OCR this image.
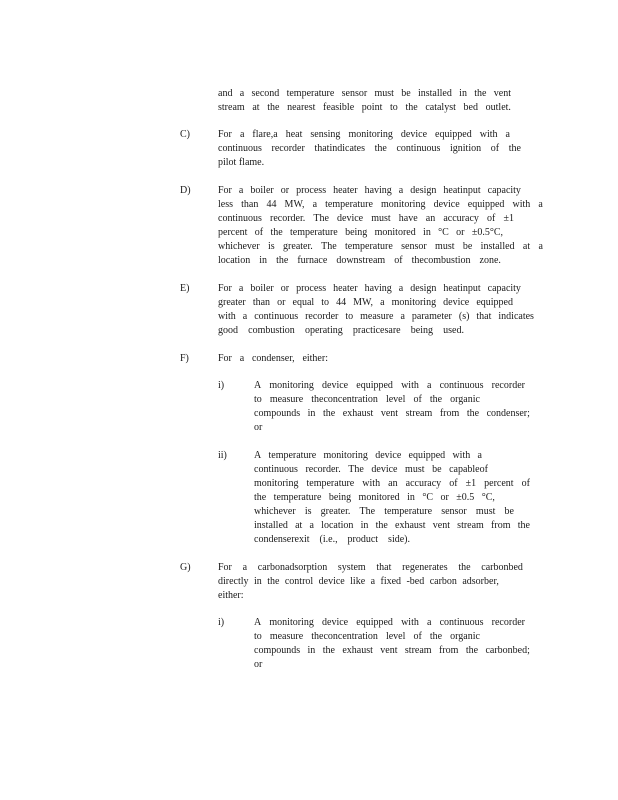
and a second temperature sensor must be installed in the vent
stream at the nearest feasible point to the catalyst bed outlet.
C)	For a flare,a heat sensing monitoring device equipped with a
continuous recorder thatindicates the continuous ignition of the
pilot flame.
D)	For a boiler or process heater having a design heatinput capacity
less than 44 MW, a temperature monitoring device equipped with a
continuous recorder. The device must have an accuracy of ±1
percent of the temperature being monitored in °C or ±0.5°C,
whichever is greater. The temperature sensor must be installed at a
location in the furnace downstream of thecombustion zone.
E)	For a boiler or process heater having a design heatinput capacity
greater than or equal to 44 MW, a monitoring device equipped
with a continuous recorder to measure a parameter (s) that indicates
good combustion operating practicesare being used.
F)	For a condenser, either:
i)	A monitoring device equipped with a continuous recorder
to measure theconcentration level of the organic
compounds in the exhaust vent stream from the condenser;
or
ii)	A temperature monitoring device equipped with a
continuous recorder. The device must be capableof
monitoring temperature with an accuracy of ±1 percent of
the temperature being monitored in °C or ±0.5 °C,
whichever is greater. The temperature sensor must be
installed at a location in the exhaust vent stream from the
condenserexit (i.e., product side).
G)	For a carbonadsorption system that regenerates the carbonbed
directly in the control device like a fixed -bed carbon adsorber,
either:
i)	A monitoring device equipped with a continuous recorder
to measure theconcentration level of the organic
compounds in the exhaust vent stream from the carbonbed;
or
